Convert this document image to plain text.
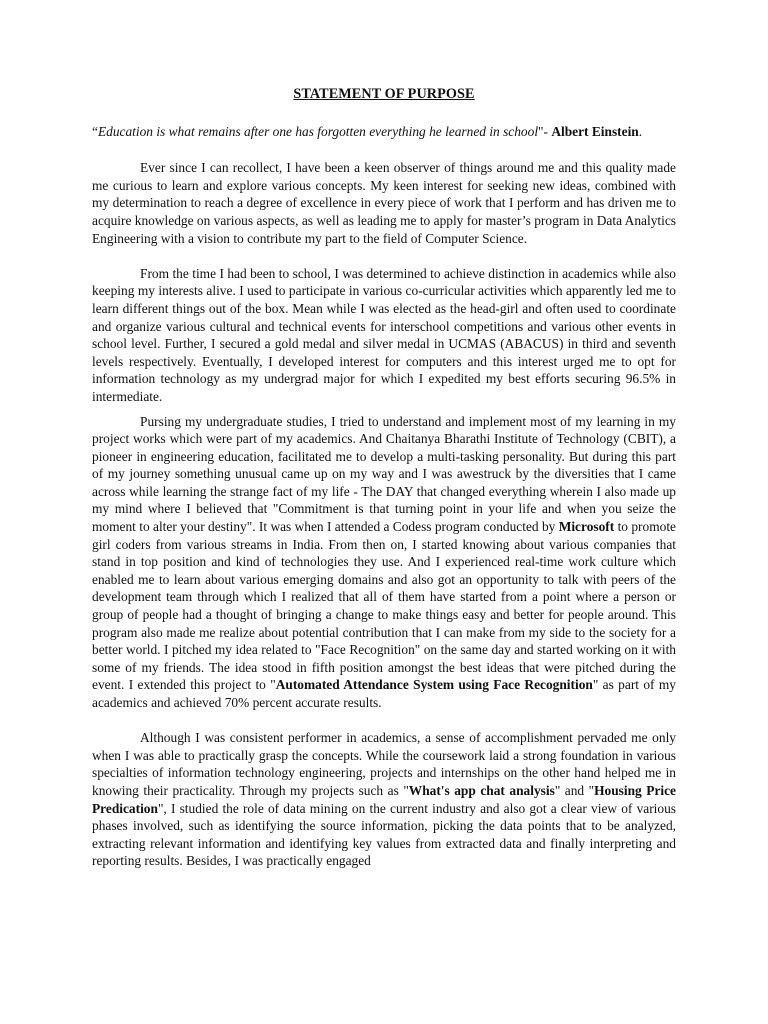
STATEMENT OF PURPOSE
“Education is what remains after one has forgotten everything he learned in school"- Albert Einstein.

Ever since I can recollect, I have been a keen observer of things around me and this quality made me curious to learn and explore various concepts. My keen interest for seeking new ideas, combined with my determination to reach a degree of excellence in every piece of work that I perform and has driven me to acquire knowledge on various aspects, as well as leading me to apply for master’s program in Data Analytics Engineering with a vision to contribute my part to the field of Computer Science.

From the time I had been to school, I was determined to achieve distinction in academics while also keeping my interests alive. I used to participate in various co-curricular activities which apparently led me to learn different things out of the box. Mean while I was elected as the head-girl and often used to coordinate and organize various cultural and technical events for interschool competitions and various other events in school level. Further, I secured a gold medal and silver medal in UCMAS (ABACUS) in third and seventh levels respectively. Eventually, I developed interest for computers and this interest urged me to opt for information technology as my undergrad major for which I expedited my best efforts securing 96.5% in intermediate.

Pursing my undergraduate studies, I tried to understand and implement most of my learning in my project works which were part of my academics. And Chaitanya Bharathi Institute of Technology (CBIT), a pioneer in engineering education, facilitated me to develop a multi-tasking personality. But during this part of my journey something unusual came up on my way and I was awestruck by the diversities that I came across while learning the strange fact of my life - The DAY that changed everything wherein I also made up my mind where I believed that "Commitment is that turning point in your life and when you seize the moment to alter your destiny". It was when I attended a Codess program conducted by Microsoft to promote girl coders from various streams in India. From then on, I started knowing about various companies that stand in top position and kind of technologies they use. And I experienced real-time work culture which enabled me to learn about various emerging domains and also got an opportunity to talk with peers of the development team through which I realized that all of them have started from a point where a person or group of people had a thought of bringing a change to make things easy and better for people around. This program also made me realize about potential contribution that I can make from my side to the society for a better world. I pitched my idea related to "Face Recognition" on the same day and started working on it with some of my friends. The idea stood in fifth position amongst the best ideas that were pitched during the event. I extended this project to "Automated Attendance System using Face Recognition" as part of my academics and achieved 70% percent accurate results.

Although I was consistent performer in academics, a sense of accomplishment pervaded me only when I was able to practically grasp the concepts. While the coursework laid a strong foundation in various specialties of information technology engineering, projects and internships on the other hand helped me in knowing their practicality. Through my projects such as "What's app chat analysis" and "Housing Price Predication", I studied the role of data mining on the current industry and also got a clear view of various phases involved, such as identifying the source information, picking the data points that to be analyzed, extracting relevant information and identifying key values from extracted data and finally interpreting and reporting results. Besides, I was practically engaged
